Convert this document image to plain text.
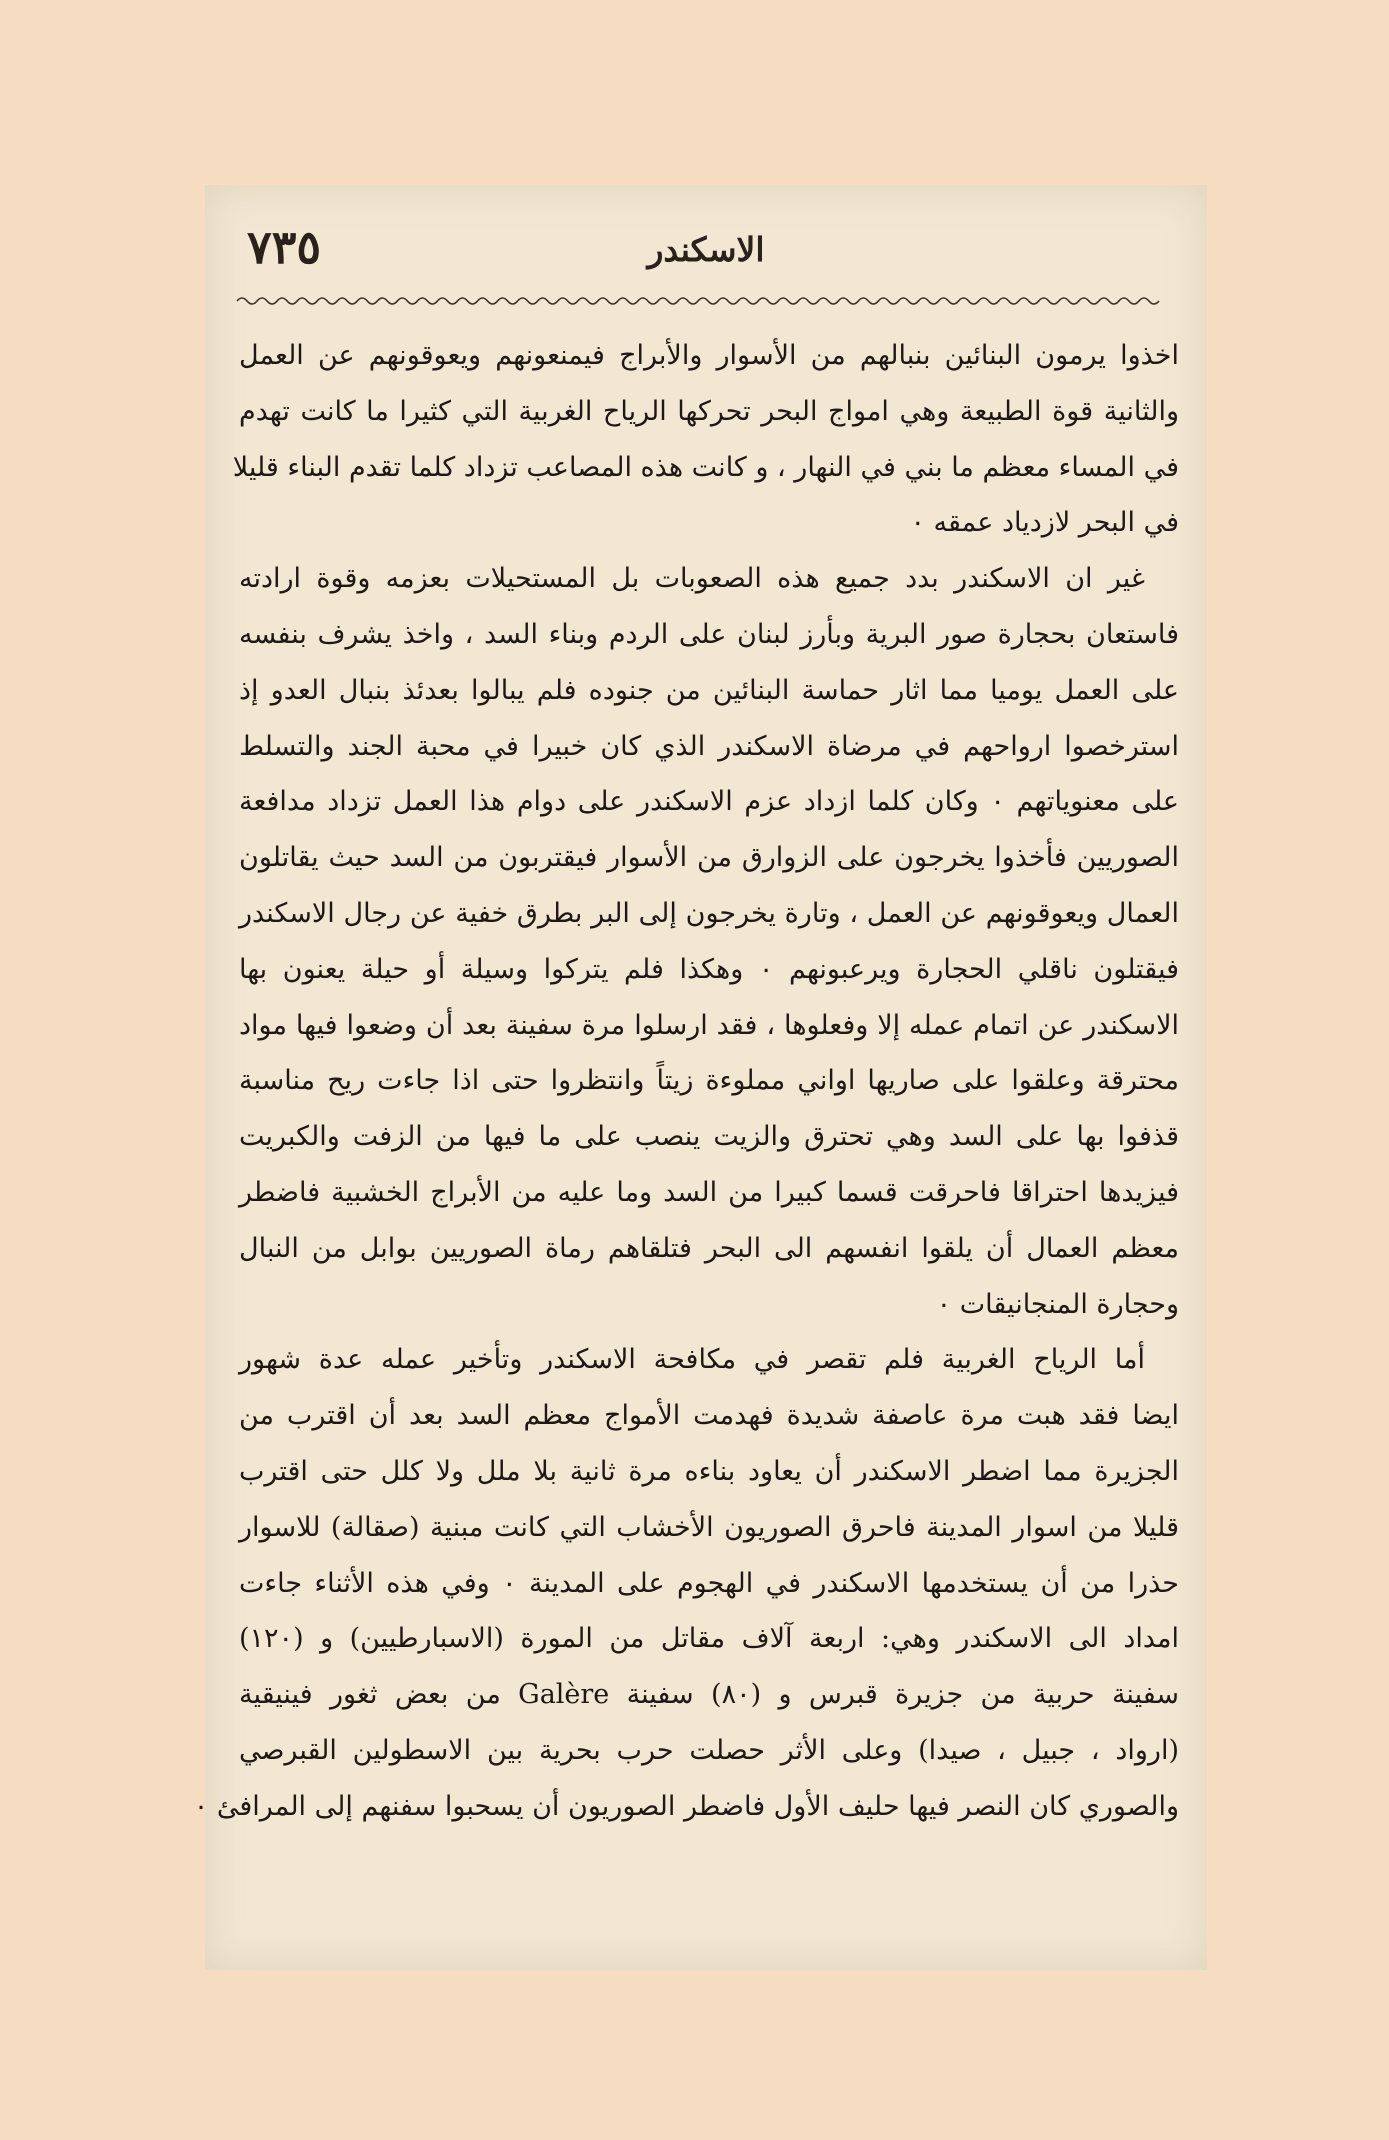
٧٣٥	الاسكندر
اخذوا يرمون البنائين بنبالهم من الأسوار والأبراج فيمنعونهم ويعوقونهم عن العمل
والثانية قوة الطبيعة وهي امواج البحر تحركها الرياح الغربية التي كثيرا ما كانت تهدم
في المساء معظم ما بني في النهار ، و كانت هذه المصاعب تزداد كلما تقدم البناء قليلا
في البحر لازدياد عمقه ٠
غير ان الاسكندر بدد جميع هذه الصعوبات بل المستحيلات بعزمه وقوة ارادته
فاستعان بحجارة صور البرية وبأرز لبنان على الردم وبناء السد ، واخذ يشرف بنفسه
على العمل يوميا مما اثار حماسة البنائين من جنوده فلم يبالوا بعدئذ بنبال العدو إذ
استرخصوا ارواحهم في مرضاة الاسكندر الذي كان خبيرا في محبة الجند والتسلط
على معنوياتهم ٠ وكان كلما ازداد عزم الاسكندر على دوام هذا العمل تزداد مدافعة
الصوريين فأخذوا يخرجون على الزوارق من الأسوار فيقتربون من السد حيث يقاتلون
العمال ويعوقونهم عن العمل ، وتارة يخرجون إلى البر بطرق خفية عن رجال الاسكندر
فيقتلون ناقلي الحجارة ويرعبونهم ٠ وهكذا فلم يتركوا وسيلة أو حيلة يعنون بها
الاسكندر عن اتمام عمله إلا وفعلوها ، فقد ارسلوا مرة سفينة بعد أن وضعوا فيها مواد
محترقة وعلقوا على صاريها اواني مملوءة زيتاً وانتظروا حتى اذا جاءت ريح مناسبة
قذفوا بها على السد وهي تحترق والزيت ينصب على ما فيها من الزفت والكبريت
فيزيدها احتراقا فاحرقت قسما كبيرا من السد وما عليه من الأبراج الخشبية فاضطر
معظم العمال أن يلقوا انفسهم الى البحر فتلقاهم رماة الصوريين بوابل من النبال
وحجارة المنجانيقات ٠
أما الرياح الغربية فلم تقصر في مكافحة الاسكندر وتأخير عمله عدة شهور
ايضا فقد هبت مرة عاصفة شديدة فهدمت الأمواج معظم السد بعد أن اقترب من
الجزيرة مما اضطر الاسكندر أن يعاود بناءه مرة ثانية بلا ملل ولا كلل حتى اقترب
قليلا من اسوار المدينة فاحرق الصوريون الأخشاب التي كانت مبنية (صقالة) للاسوار
حذرا من أن يستخدمها الاسكندر في الهجوم على المدينة ٠ وفي هذه الأثناء جاءت
امداد الى الاسكندر وهي: اربعة آلاف مقاتل من المورة (الاسبارطيين) و (١٢٠)
سفينة حربية من جزيرة قبرس و (٨٠) سفينة Galère من بعض ثغور فينيقية
(ارواد ، جبيل ، صيدا) وعلى الأثر حصلت حرب بحرية بين الاسطولين القبرصي
والصوري كان النصر فيها حليف الأول فاضطر الصوريون أن يسحبوا سفنهم إلى المرافئ ٠
